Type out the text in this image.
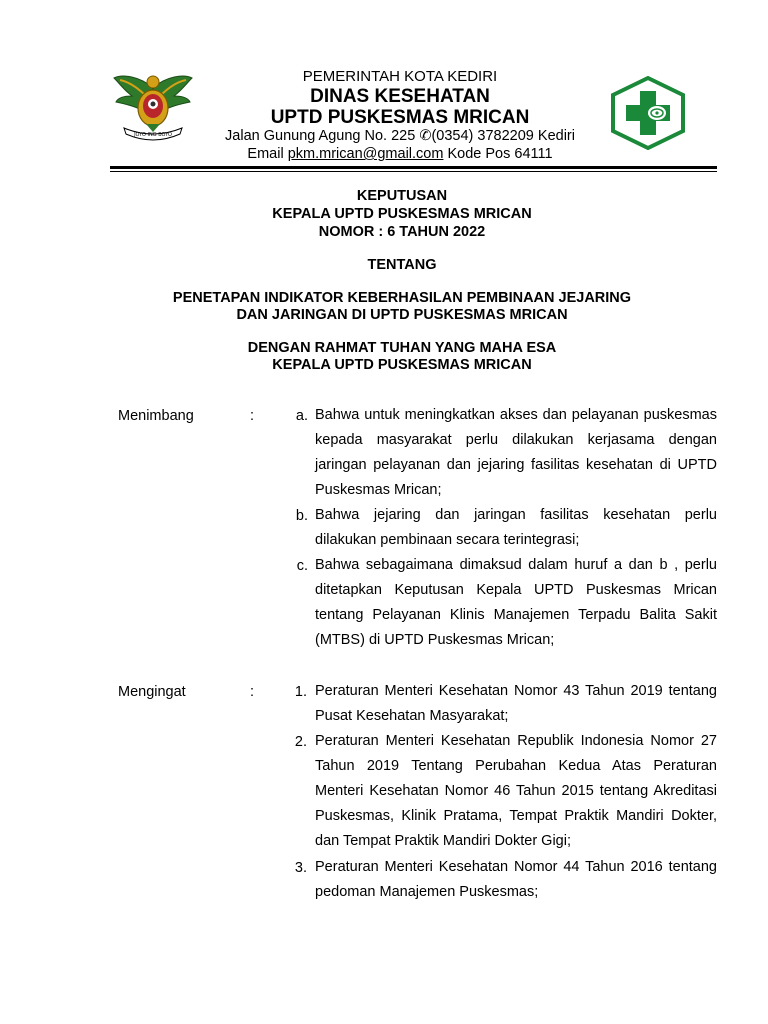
JOYO ING BOYO
PEMERINTAH KOTA KEDIRI
DINAS KESEHATAN
UPTD PUSKESMAS MRICAN
Jalan Gunung Agung No. 225 ✆(0354) 3782209 Kediri
Email pkm.mrican@gmail.com Kode Pos 64111
KEPUTUSAN
KEPALA UPTD PUSKESMAS MRICAN
NOMOR : 6 TAHUN 2022
TENTANG
PENETAPAN INDIKATOR KEBERHASILAN PEMBINAAN JEJARING
DAN JARINGAN DI UPTD PUSKESMAS MRICAN
DENGAN RAHMAT TUHAN YANG MAHA ESA
KEPALA UPTD PUSKESMAS MRICAN
Menimbang	:	a. Bahwa untuk meningkatkan akses dan pelayanan puskesmas kepada masyarakat perlu dilakukan kerjasama dengan jaringan pelayanan dan jejaring fasilitas kesehatan di UPTD Puskesmas Mrican;
b. Bahwa jejaring dan jaringan fasilitas kesehatan perlu dilakukan pembinaan secara terintegrasi;
c. Bahwa sebagaimana dimaksud dalam huruf a dan b , perlu ditetapkan Keputusan Kepala UPTD Puskesmas Mrican tentang Pelayanan Klinis Manajemen Terpadu Balita Sakit (MTBS) di UPTD Puskesmas Mrican;
Mengingat	:	1. Peraturan Menteri Kesehatan Nomor 43 Tahun 2019 tentang Pusat Kesehatan Masyarakat;
2. Peraturan Menteri Kesehatan Republik Indonesia Nomor 27 Tahun 2019 Tentang Perubahan Kedua Atas Peraturan Menteri Kesehatan Nomor 46 Tahun 2015 tentang Akreditasi Puskesmas, Klinik Pratama, Tempat Praktik Mandiri Dokter, dan Tempat Praktik Mandiri Dokter Gigi;
3. Peraturan Menteri Kesehatan Nomor 44 Tahun 2016 tentang pedoman Manajemen Puskesmas;
